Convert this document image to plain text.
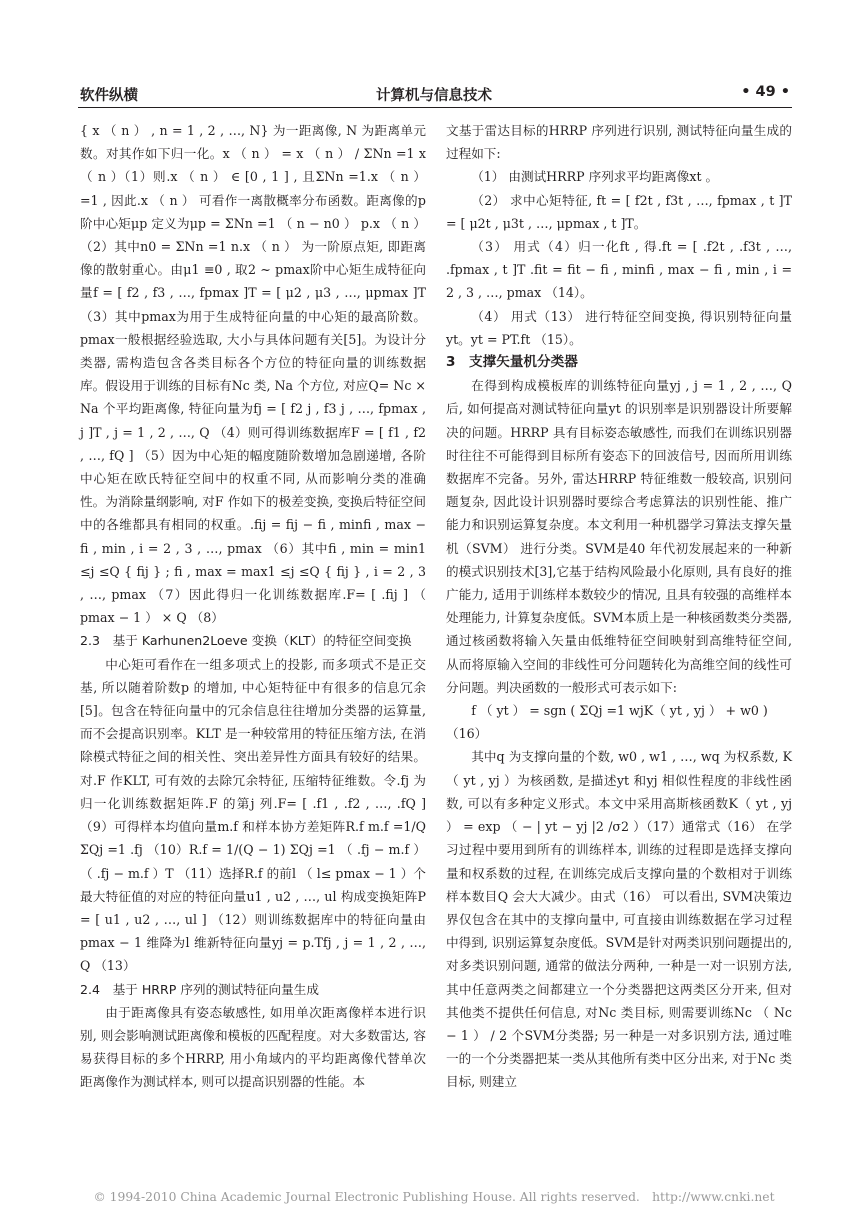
软件纵横	计算机与信息技术	• 49 •

{ x （ n ） , n = 1 , 2 , …, N} 为一距离像, N 为距离单元数。对其作如下归一化。x （ n ） = x （ n ） / ΣNn =1 x （ n ）（1）则.x （ n ） ∈ [0 , 1 ] , 且ΣNn =1.x （ n ） =1 , 因此.x （ n ） 可看作一离散概率分布函数。距离像的p 阶中心矩μp 定义为μp = ΣNn =1 （ n − n0 ） p.x （ n ）（2）其中n0 = ΣNn =1 n.x （ n ） 为一阶原点矩, 即距离像的散射重心。由μ1 ≡0 , 取2 ~ pmax阶中心矩生成特征向量f = [ f2 , f3 , …, fpmax ]T = [ μ2 , μ3 , …, μpmax ]T （3）其中pmax为用于生成特征向量的中心矩的最高阶数。pmax一般根据经验选取, 大小与具体问题有关[5]。为设计分类器, 需构造包含各类目标各个方位的特征向量的训练数据库。假设用于训练的目标有Nc 类, Na 个方位, 对应Q= Nc × Na 个平均距离像, 特征向量为fj = [ f2 j , f3 j , …, fpmax , j ]T , j = 1 , 2 , …, Q （4）则可得训练数据库F = [ f1 , f2 , …, fQ ] （5）因为中心矩的幅度随阶数增加急剧递增, 各阶中心矩在欧氏特征空间中的权重不同, 从而影响分类的准确性。为消除量纲影响, 对F 作如下的极差变换, 变换后特征空间中的各维都具有相同的权重。.fij = fij − fi , minfi , max − fi , min , i = 2 , 3 , …, pmax （6）其中fi , min = min1 ≤j ≤Q { fij } ; fi , max = max1 ≤j ≤Q { fij } , i = 2 , 3 , …, pmax （7）因此得归一化训练数据库.F= [ .fij ] （ pmax − 1 ） × Q （8）

2.3　基于 Karhunen2Loeve 变换（KLT）的特征空间变换

中心矩可看作在一组多项式上的投影, 而多项式不是正交基, 所以随着阶数p 的增加, 中心矩特征中有很多的信息冗余[5]。包含在特征向量中的冗余信息往往增加分类器的运算量, 而不会提高识别率。KLT 是一种较常用的特征压缩方法, 在消除模式特征之间的相关性、突出差异性方面具有较好的结果。对.F 作KLT, 可有效的去除冗余特征, 压缩特征维数。令.fj 为归一化训练数据矩阵.F 的第j 列.F= [ .f1 , .f2 , …, .fQ ] （9）可得样本均值向量m.f 和样本协方差矩阵R.f m.f =1/Q ΣQj =1 .fj （10）R.f = 1/(Q − 1) ΣQj =1 （ .fj − m.f ）（ .fj − m.f ）T （11）选择R.f 的前l （ l≤ pmax − 1 ）个最大特征值的对应的特征向量u1 , u2 , …, ul 构成变换矩阵P = [ u1 , u2 , …, ul ] （12）则训练数据库中的特征向量由pmax − 1 维降为l 维新特征向量yj = p.Tfj , j = 1 , 2 , …, Q （13）

2.4　基于 HRRP 序列的测试特征向量生成

由于距离像具有姿态敏感性, 如用单次距离像样本进行识别, 则会影响测试距离像和模板的匹配程度。对大多数雷达, 容易获得目标的多个HRRP, 用小角域内的平均距离像代替单次距离像作为测试样本, 则可以提高识别器的性能。本

文基于雷达目标的HRRP 序列进行识别, 测试特征向量生成的过程如下:

（1） 由测试HRRP 序列求平均距离像xt 。

（2） 求中心矩特征, ft = [ f2t , f3t , …, fpmax , t ]T = [ μ2t , μ3t , …, μpmax , t ]T。

（3） 用式（4）归一化ft , 得.ft = [ .f2t , .f3t , …, .fpmax , t ]T .fit = fit − fi , minfi , max − fi , min , i = 2 , 3 , …, pmax （14）。

（4） 用式（13） 进行特征空间变换, 得识别特征向量yt。yt = PT.ft （15）。

3　支撑矢量机分类器

在得到构成模板库的训练特征向量yj , j = 1 , 2 , …, Q 后, 如何提高对测试特征向量yt 的识别率是识别器设计所要解决的问题。HRRP 具有目标姿态敏感性, 而我们在训练识别器时往往不可能得到目标所有姿态下的回波信号, 因而所用训练数据库不完备。另外, 雷达HRRP 特征维数一般较高, 识别问题复杂, 因此设计识别器时要综合考虑算法的识别性能、推广能力和识别运算复杂度。本文利用一种机器学习算法支撑矢量机（SVM） 进行分类。SVM是40 年代初发展起来的一种新的模式识别技术[3],它基于结构风险最小化原则, 具有良好的推广能力, 适用于训练样本数较少的情况, 且具有较强的高维样本处理能力, 计算复杂度低。SVM本质上是一种核函数类分类器, 通过核函数将输入矢量由低维特征空间映射到高维特征空间, 从而将原输入空间的非线性可分问题转化为高维空间的线性可分问题。判决函数的一般形式可表示如下:

f （ yt ） = sgn ( ΣQj =1 wjK（ yt , yj ） + w0 )（16）

其中q 为支撑向量的个数, w0 , w1 , …, wq 为权系数, K（ yt , yj ）为核函数, 是描述yt 和yj 相似性程度的非线性函数, 可以有多种定义形式。本文中采用高斯核函数K（ yt , yj ） = exp （ − | yt − yj |2 /σ2 ）（17）通常式（16） 在学习过程中要用到所有的训练样本, 训练的过程即是选择支撑向量和权系数的过程, 在训练完成后支撑向量的个数相对于训练样本数目Q 会大大减少。由式（16） 可以看出, SVM决策边界仅包含在其中的支撑向量中, 可直接由训练数据在学习过程中得到, 识别运算复杂度低。SVM是针对两类识别问题提出的, 对多类识别问题, 通常的做法分两种, 一种是一对一识别方法, 其中任意两类之间都建立一个分类器把这两类区分开来, 但对其他类不提供任何信息, 对Nc 类目标, 则需要训练Nc （ Nc − 1 ） / 2 个SVM分类器; 另一种是一对多识别方法, 通过唯一的一个分类器把某一类从其他所有类中区分出来, 对于Nc 类目标, 则建立

© 1994-2010 China Academic Journal Electronic Publishing House. All rights reserved.　http://www.cnki.net
